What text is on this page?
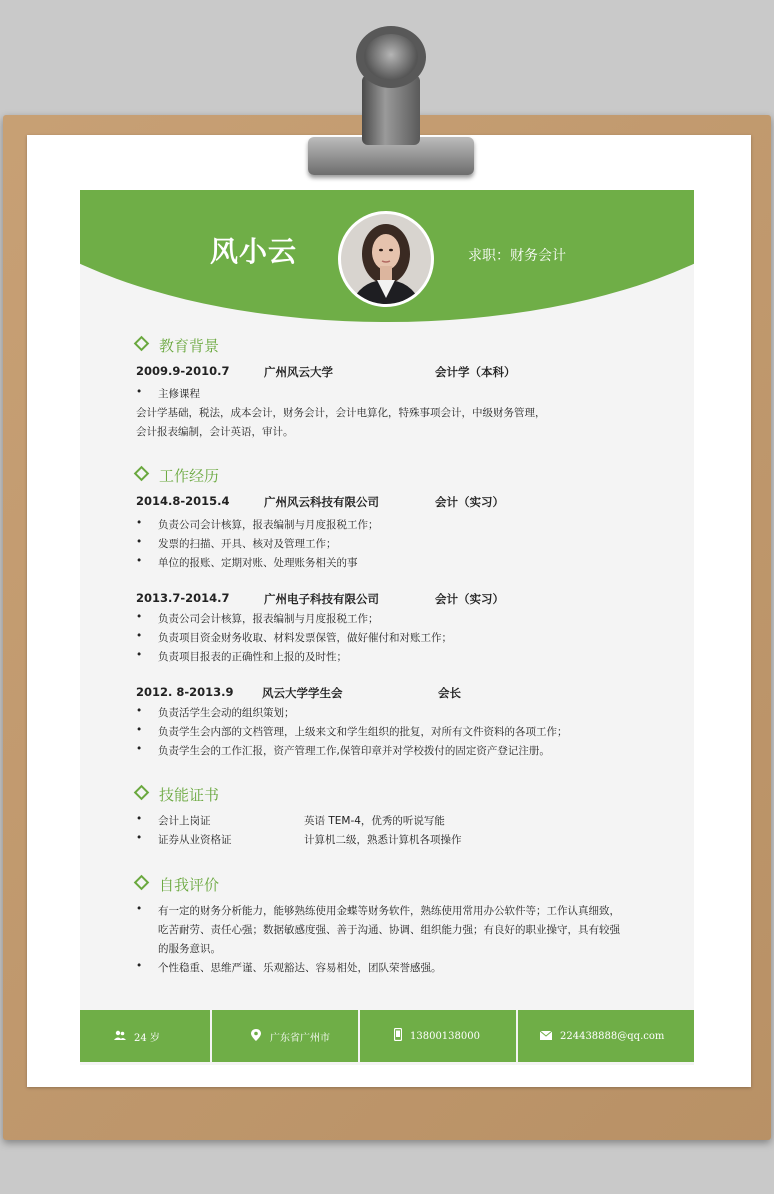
风小云	求职：财务会计
教育背景
2009.9-2010.7	广州风云大学	会计学（本科）
• 主修课程
会计学基础，税法，成本会计，财务会计，会计电算化，特殊事项会计，中级财务管理，
会计报表编制，会计英语，审计。
工作经历
2014.8-2015.4	广州风云科技有限公司	会计（实习）
• 负责公司会计核算，报表编制与月度报税工作；
• 发票的扫描、开具、核对及管理工作；
• 单位的报账、定期对账、处理账务相关的事
2013.7-2014.7	广州电子科技有限公司	会计（实习）
• 负责公司会计核算，报表编制与月度报税工作；
• 负责项目资金财务收取、材料发票保管，做好催付和对账工作；
• 负责项目报表的正确性和上报的及时性；
2012. 8-2013.9 风云大学学生会	会长
• 负责活学生会动的组织策划；
• 负责学生会内部的文档管理，上级来文和学生组织的批复，对所有文件资料的各项工作；
• 负责学生会的工作汇报，资产管理工作,保管印章并对学校拨付的固定资产登记注册。
技能证书
• 会计上岗证	英语 TEM-4，优秀的听说写能
• 证券从业资格证	计算机二级，熟悉计算机各项操作
自我评价
• 有一定的财务分析能力，能够熟练使用金蝶等财务软件，熟练使用常用办公软件等；工作认真细致，
吃苦耐劳、责任心强；数据敏感度强、善于沟通、协调、组织能力强；有良好的职业操守，具有较强
的服务意识。
• 个性稳重、思维严谨、乐观豁达、容易相处，团队荣誉感强。
24 岁	广东省广州市	13800138000	224438888@qq.com
